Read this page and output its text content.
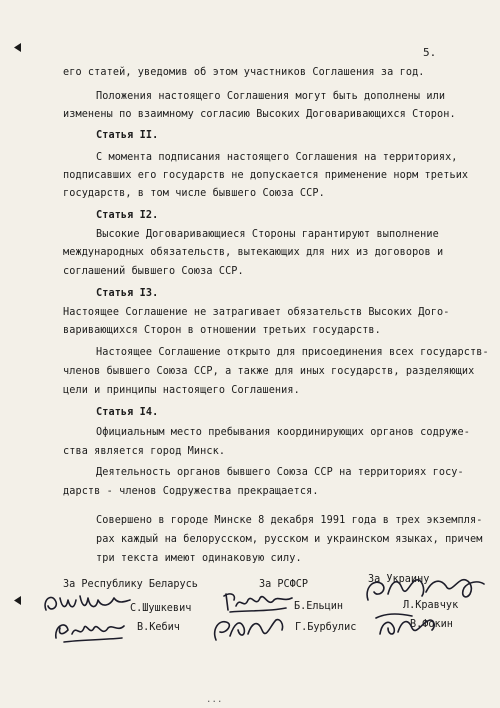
5.
его статей, уведомив об этом участников Соглашения за год.
Положения настоящего Соглашения могут быть дополнены или
изменены по взаимному согласию Высоких Договаривающихся Сторон.
Статья II.
С момента подписания настоящего Соглашения на территориях,
подписавших его государств не допускается применение норм третьих
государств, в том числе бывшего Союза ССР.
Статья I2.
Высокие Договаривающиеся Стороны гарантируют выполнение
международных обязательств, вытекающих для них из договоров и
соглашений бывшего Союза ССР.
Статья I3.
Настоящее Соглашение не затрагивает обязательств Высоких Дого-
варивающихся Сторон в отношении третьих государств.
Настоящее Соглашение открыто для присоединения всех государств-
членов бывшего Союза ССР, а также для иных государств, разделяющих
цели и принципы настоящего Соглашения.
Статья I4.
Официальным место пребывания координирующих органов содруже-
ства является город Минск.
Деятельность органов бывшего Союза ССР на территориях госу-
дарств - членов Содружества прекращается.
Совершено в городе Минске 8 декабря 1991 года в трех экземпля-
рах каждый на белорусском, русском и украинском языках, причем
три текста имеют одинаковую силу.
За Республику Беларусь
С.Шушкевич
В.Кебич
За РСФСР
Б.Ельцин
Г.Бурбулис
За Украину
Л.Кравчук
В.Фокин
...
